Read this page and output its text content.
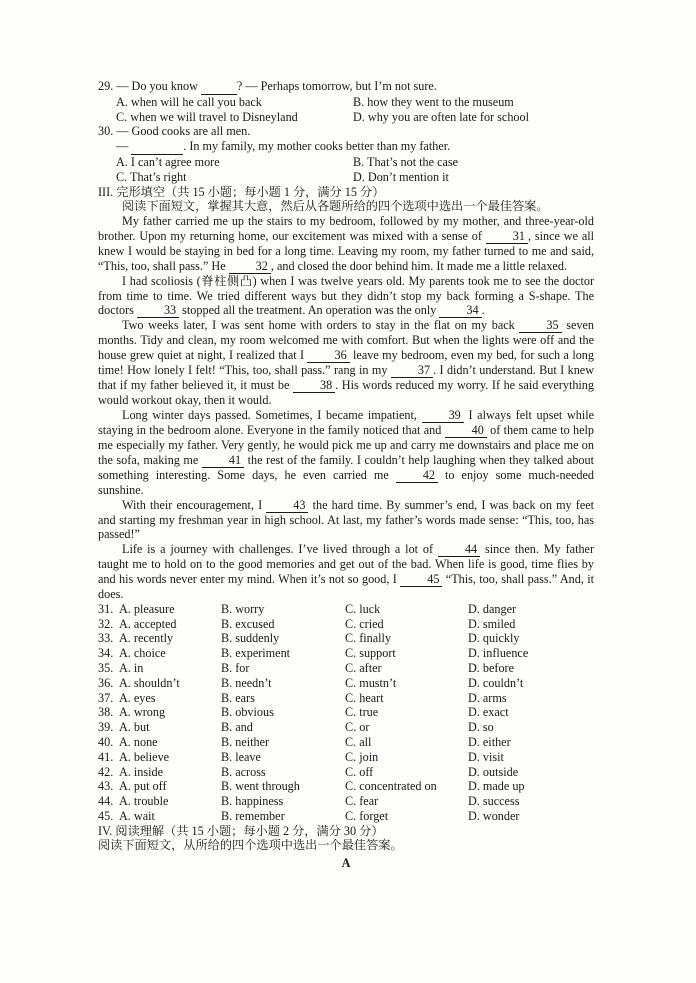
29. — Do you know	? — Perhaps tomorrow, but I’m not sure.
A. when will he call you back	B. how they went to the museum
C. when we will travel to Disneyland	D. why you are often late for school
30. — Good cooks are all men.
—	. In my family, my mother cooks better than my father.
A. I can’t agree more	B. That’s not the case
C. That’s right	D. Don’t mention it
III. 完形填空（共 15 小题；每小题 1 分，满分 15 分）
阅读下面短文，掌握其大意，然后从各题所给的四个选项中选出一个最佳答案。
My father carried me up the stairs to my bedroom, followed by my mother, and three-year-old brother. Upon my returning home, our excitement was mixed with a sense of	31 , since we all knew I would be staying in bed for a long time. Leaving my room, my father turned to me and said, “This, too, shall pass.” He 32 , and closed the door behind him. It made me a little relaxed.
I had scoliosis (脊柱侧凸) when I was twelve years old. My parents took me to see the doctor from time to time. We tried different ways but they didn’t stop my back forming a S-shape. The doctors 33 stopped all the treatment. An operation was the only 34 .
Two weeks later, I was sent home with orders to stay in the flat on my back	35 seven months. Tidy and clean, my room welcomed me with comfort. But when the lights were off and the house grew quiet at night, I realized that I 36 leave my bedroom, even my bed, for such a long time! How lonely I felt! “This, too, shall pass.” rang in my 37 . I didn’t understand. But I knew that if my father believed it, it must be	38 . His words reduced my worry. If he said everything would workout okay, then it would.
Long winter days passed. Sometimes, I became impatient,	39 I always felt upset while staying in the bedroom alone. Everyone in the family noticed that and 40 of them came to help me especially my father. Very gently, he would pick me up and carry me downstairs and place me on the sofa, making me	41 the rest of the family. I couldn’t help laughing when they talked about something interesting. Some days, he even carried me	42 to enjoy some much-needed sunshine.
With their encouragement, I	43 the hard time. By summer’s end, I was back on my feet and starting my freshman year in high school. At last, my father’s words made sense: “This, too, has passed!”
Life is a journey with challenges. I’ve lived through a lot of	44 since then. My father taught me to hold on to the good memories and get out of the bad. When life is good, time flies by and his words never enter my mind. When it’s not so good, I 45 “This, too, shall pass.” And, it does.
31. A. pleasure	B. worry	C. luck	D. danger
32. A. accepted	B. excused	C. cried	D. smiled
33. A. recently	B. suddenly	C. finally	D. quickly
34. A. choice	B. experiment	C. support	D. influence
35. A. in	B. for	C. after	D. before
36. A. shouldn’t	B. needn’t	C. mustn’t	D. couldn’t
37. A. eyes	B. ears	C. heart	D. arms
38. A. wrong	B. obvious	C. true	D. exact
39. A. but	B. and	C. or	D. so
40. A. none	B. neither	C. all	D. either
41. A. believe	B. leave	C. join	D. visit
42. A. inside	B. across	C. off	D. outside
43. A. put off	B. went through	C. concentrated on	D. made up
44. A. trouble	B. happiness	C. fear	D. success
45. A. wait	B. remember	C. forget	D. wonder
IV. 阅读理解（共 15 小题；每小题 2 分，满分 30 分）
阅读下面短文，从所给的四个选项中选出一个最佳答案。
A
